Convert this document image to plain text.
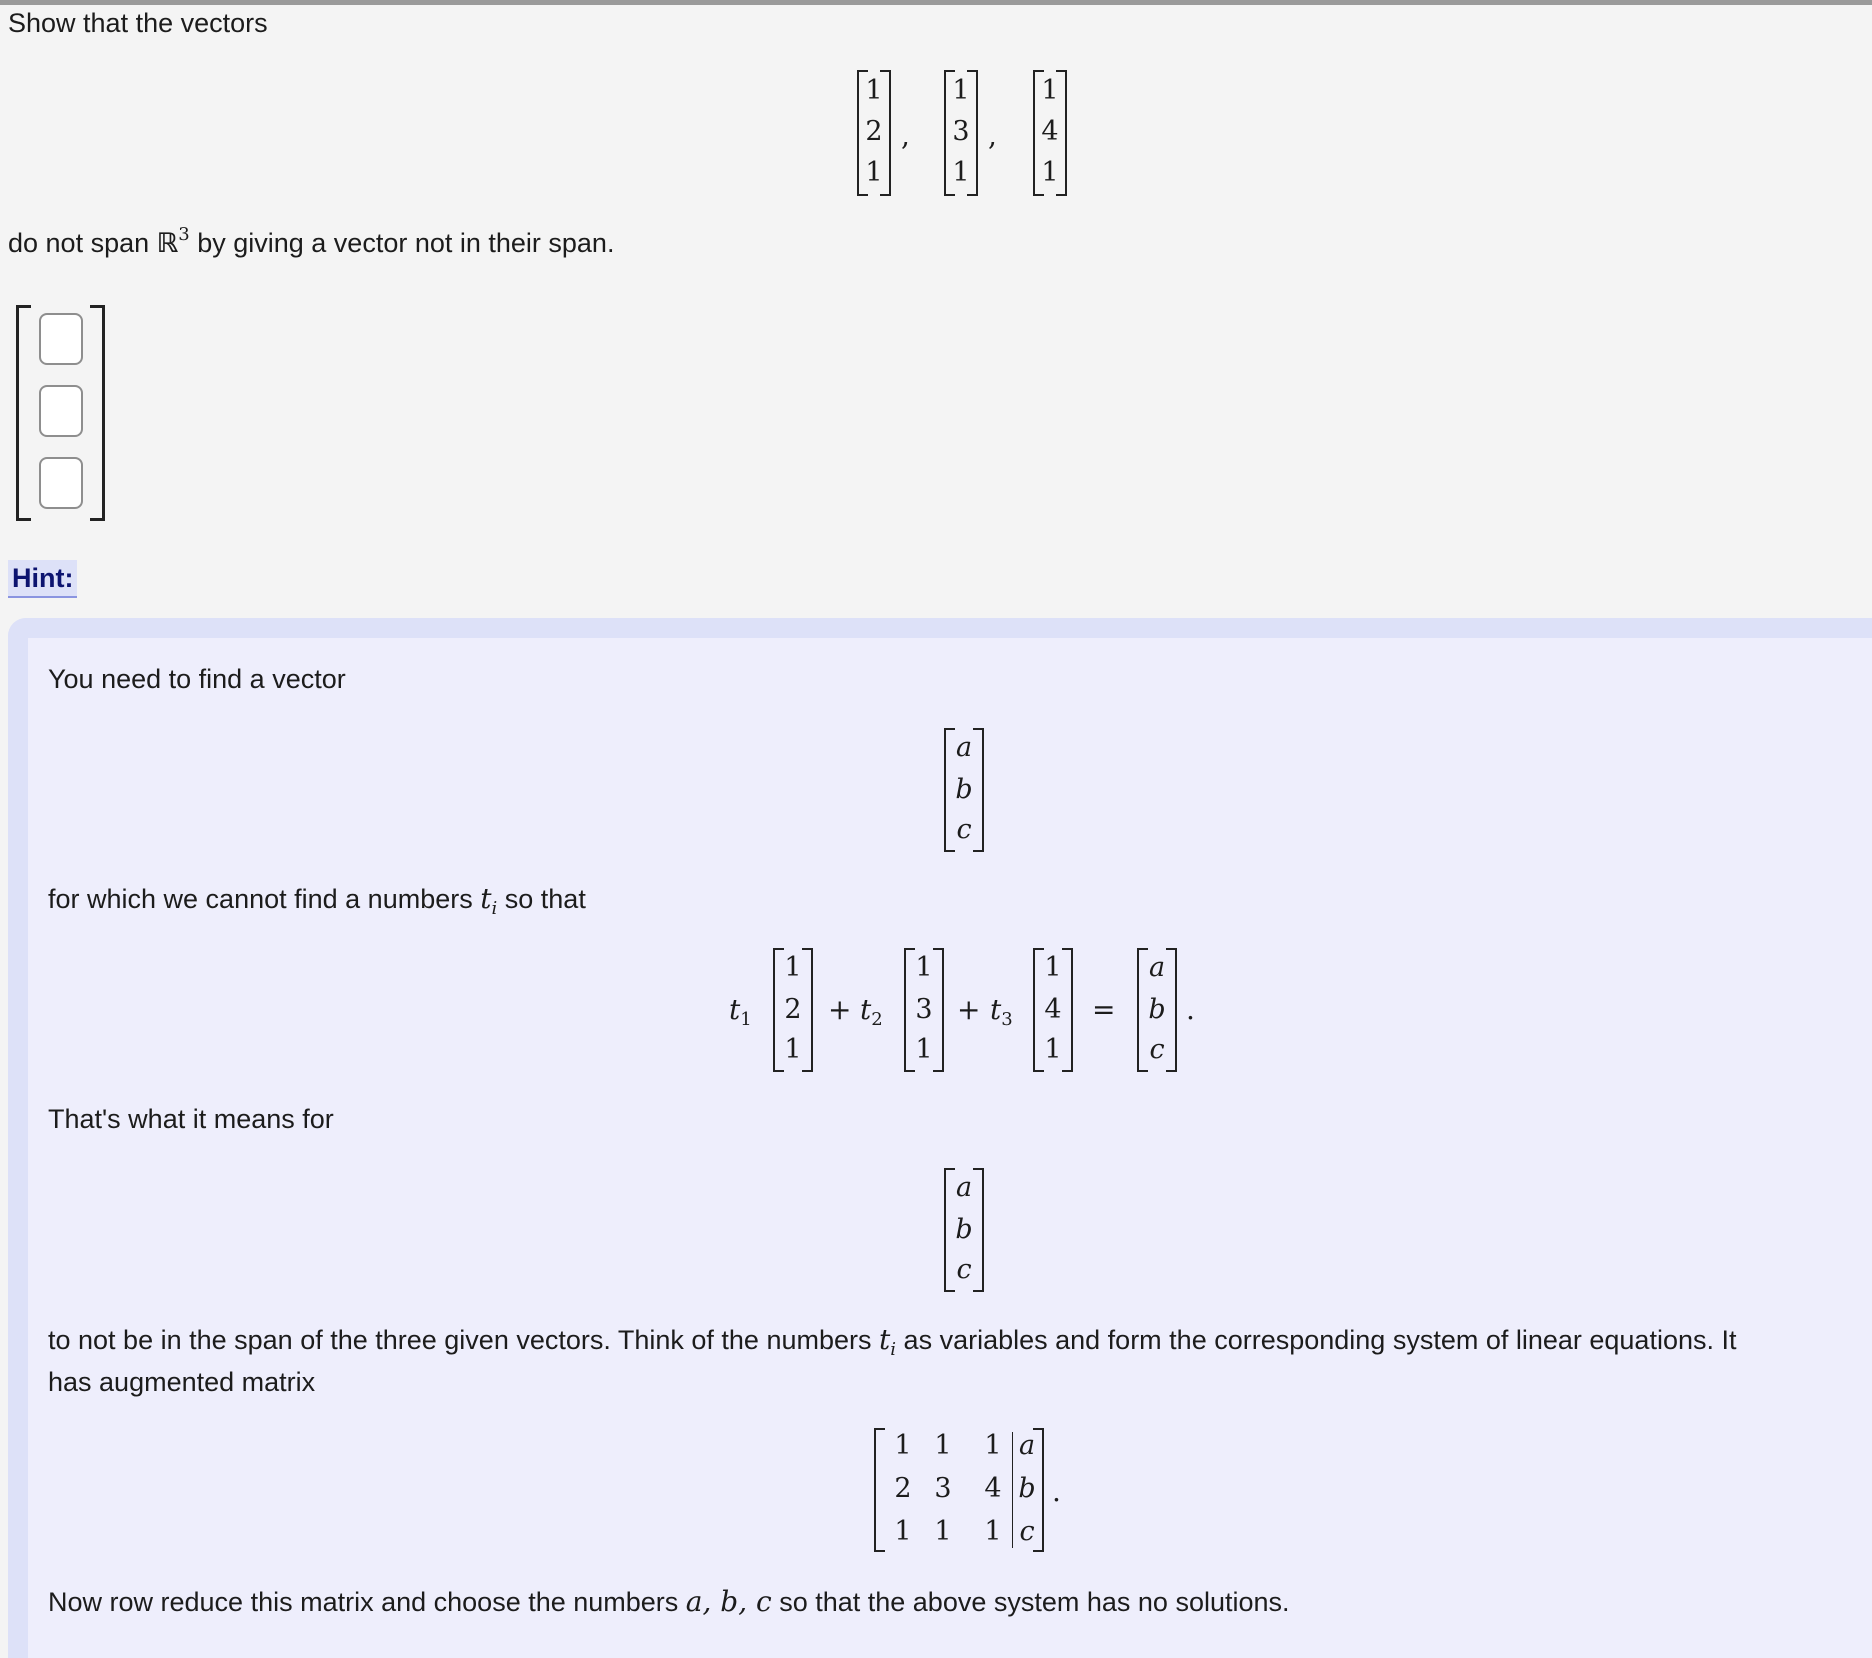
Show that the vectors
1
2
1
,
1
3
1
,
1
4
1
do not span ℝ$^3$ by giving a vector not in their span.
Hint:
You need to find a vector
a
b
c
for which we cannot find a numbers $t_i$ so that
$t_1$
1
2
1
+ $t_2$
1
3
1
+ $t_3$
1
4
1
=
a
b
c
.
That's what it means for
a
b
c
to not be in the span of the three given vectors. Think of the numbers $t_i$ as variables and form the corresponding system of linear equations. It
has augmented matrix
1 1 1 a
2 3 4 b
1 1 1 c
.
Now row reduce this matrix and choose the numbers a, b, c so that the above system has no solutions.
